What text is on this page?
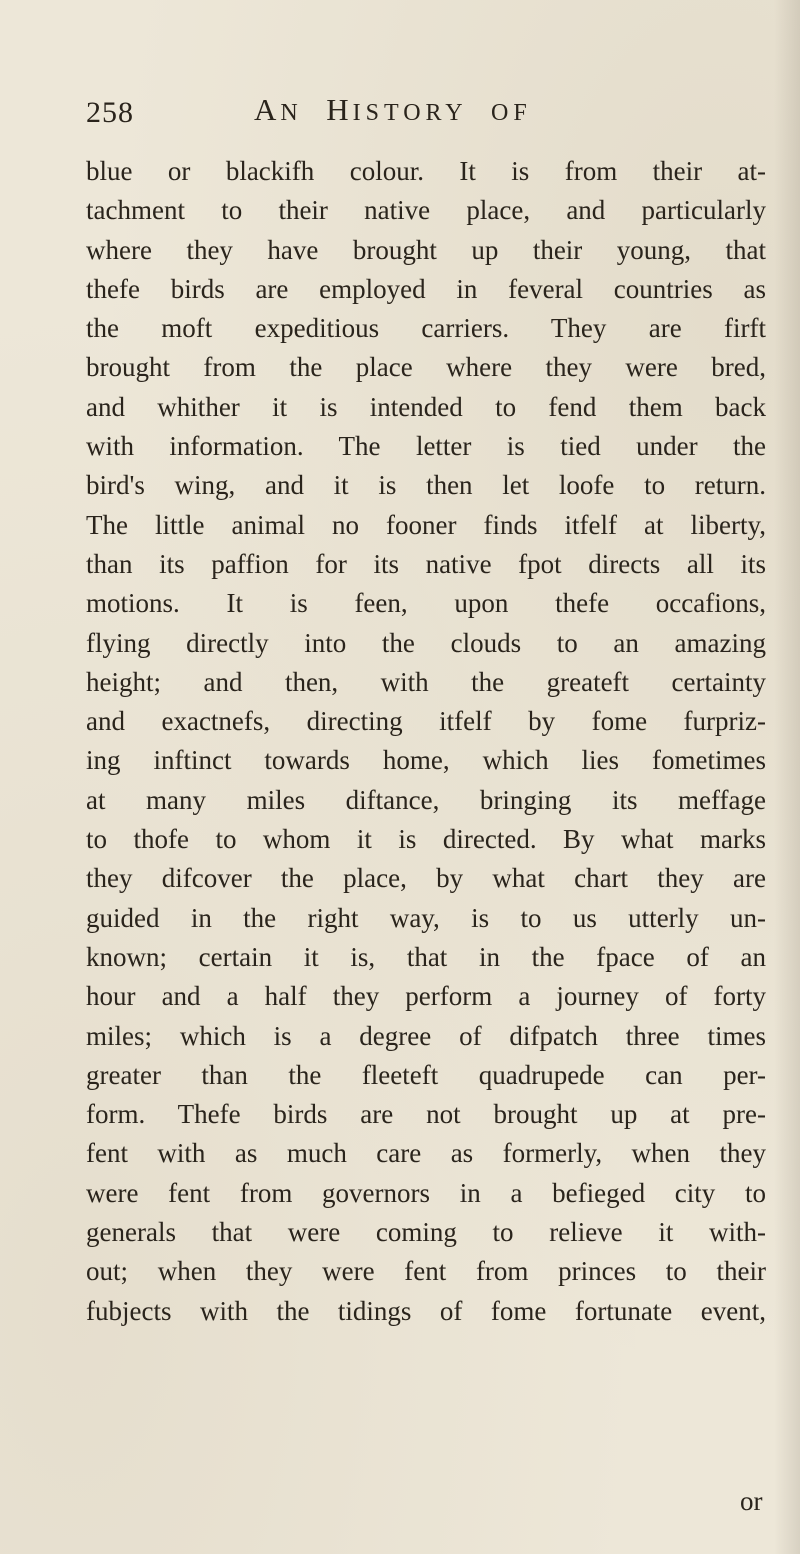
258	AN HISTORY OF
blue or blackifh colour. It is from their at-
tachment to their native place, and particularly
where they have brought up their young, that
thefe birds are employed in feveral countries as
the moft expeditious carriers. They are firft
brought from the place where they were bred,
and whither it is intended to fend them back
with information. The letter is tied under the
bird's wing, and it is then let loofe to return.
The little animal no fooner finds itfelf at liberty,
than its paffion for its native fpot directs all its
motions. It is feen, upon thefe occafions,
flying directly into the clouds to an amazing
height; and then, with the greateft certainty
and exactnefs, directing itfelf by fome furpriz-
ing inftinct towards home, which lies fometimes
at many miles diftance, bringing its meffage
to thofe to whom it is directed. By what marks
they difcover the place, by what chart they are
guided in the right way, is to us utterly un-
known; certain it is, that in the fpace of an
hour and a half they perform a journey of forty
miles; which is a degree of difpatch three times
greater than the fleeteft quadrupede can per-
form. Thefe birds are not brought up at pre-
fent with as much care as formerly, when they
were fent from governors in a befieged city to
generals that were coming to relieve it with-
out; when they were fent from princes to their
fubjects with the tidings of fome fortunate event,
or
